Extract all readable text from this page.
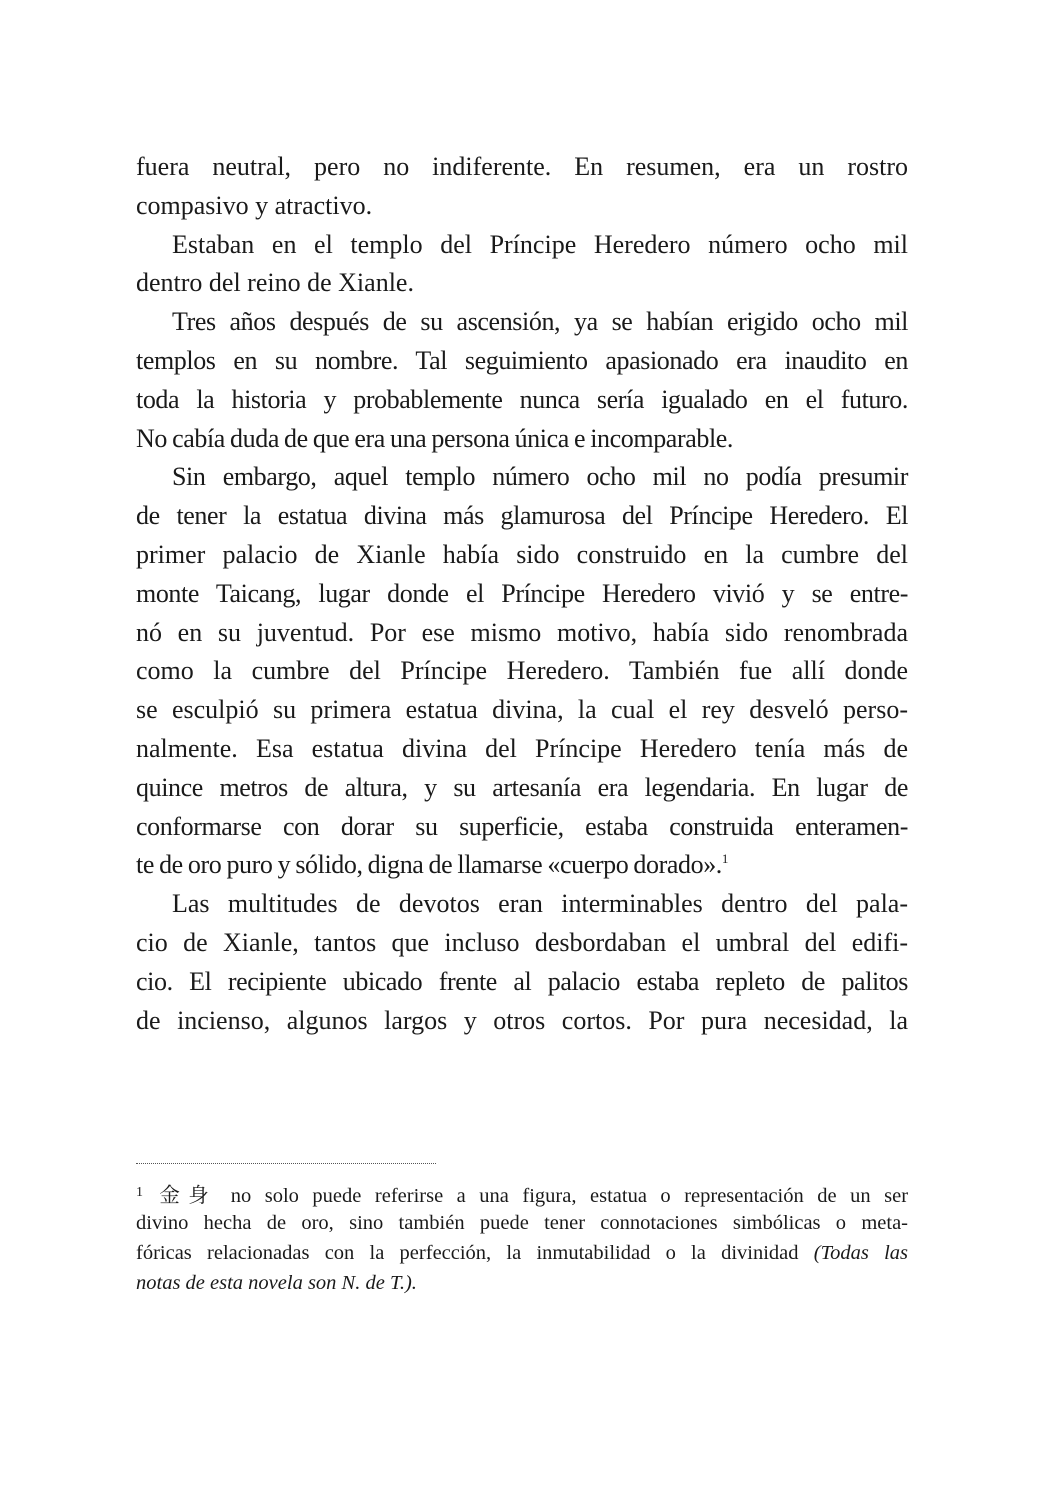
fuera neutral, pero no indiferente. En resumen, era un rostro
compasivo y atractivo.
Estaban en el templo del Príncipe Heredero número ocho mil
dentro del reino de Xianle.
Tres años después de su ascensión, ya se habían erigido ocho mil
templos en su nombre. Tal seguimiento apasionado era inaudito en
toda la historia y probablemente nunca sería igualado en el futuro.
No cabía duda de que era una persona única e incomparable.
Sin embargo, aquel templo número ocho mil no podía presumir
de tener la estatua divina más glamurosa del Príncipe Heredero. El
primer palacio de Xianle había sido construido en la cumbre del
monte Taicang, lugar donde el Príncipe Heredero vivió y se entre-
nó en su juventud. Por ese mismo motivo, había sido renombrada
como la cumbre del Príncipe Heredero. También fue allí donde
se esculpió su primera estatua divina, la cual el rey desveló perso-
nalmente. Esa estatua divina del Príncipe Heredero tenía más de
quince metros de altura, y su artesanía era legendaria. En lugar de
conformarse con dorar su superficie, estaba construida enteramen-
te de oro puro y sólido, digna de llamarse «cuerpo dorado».$^1$
Las multitudes de devotos eran interminables dentro del pala-
cio de Xianle, tantos que incluso desbordaban el umbral del edifi-
cio. El recipiente ubicado frente al palacio estaba repleto de palitos
de incienso, algunos largos y otros cortos. Por pura necesidad, la
$^1$ 金身 no solo puede referirse a una figura, estatua o representación de un ser
divino hecha de oro, sino también puede tener connotaciones simbólicas o meta-
fóricas relacionadas con la perfección, la inmutabilidad o la divinidad (Todas las
notas de esta novela son N. de T.).
